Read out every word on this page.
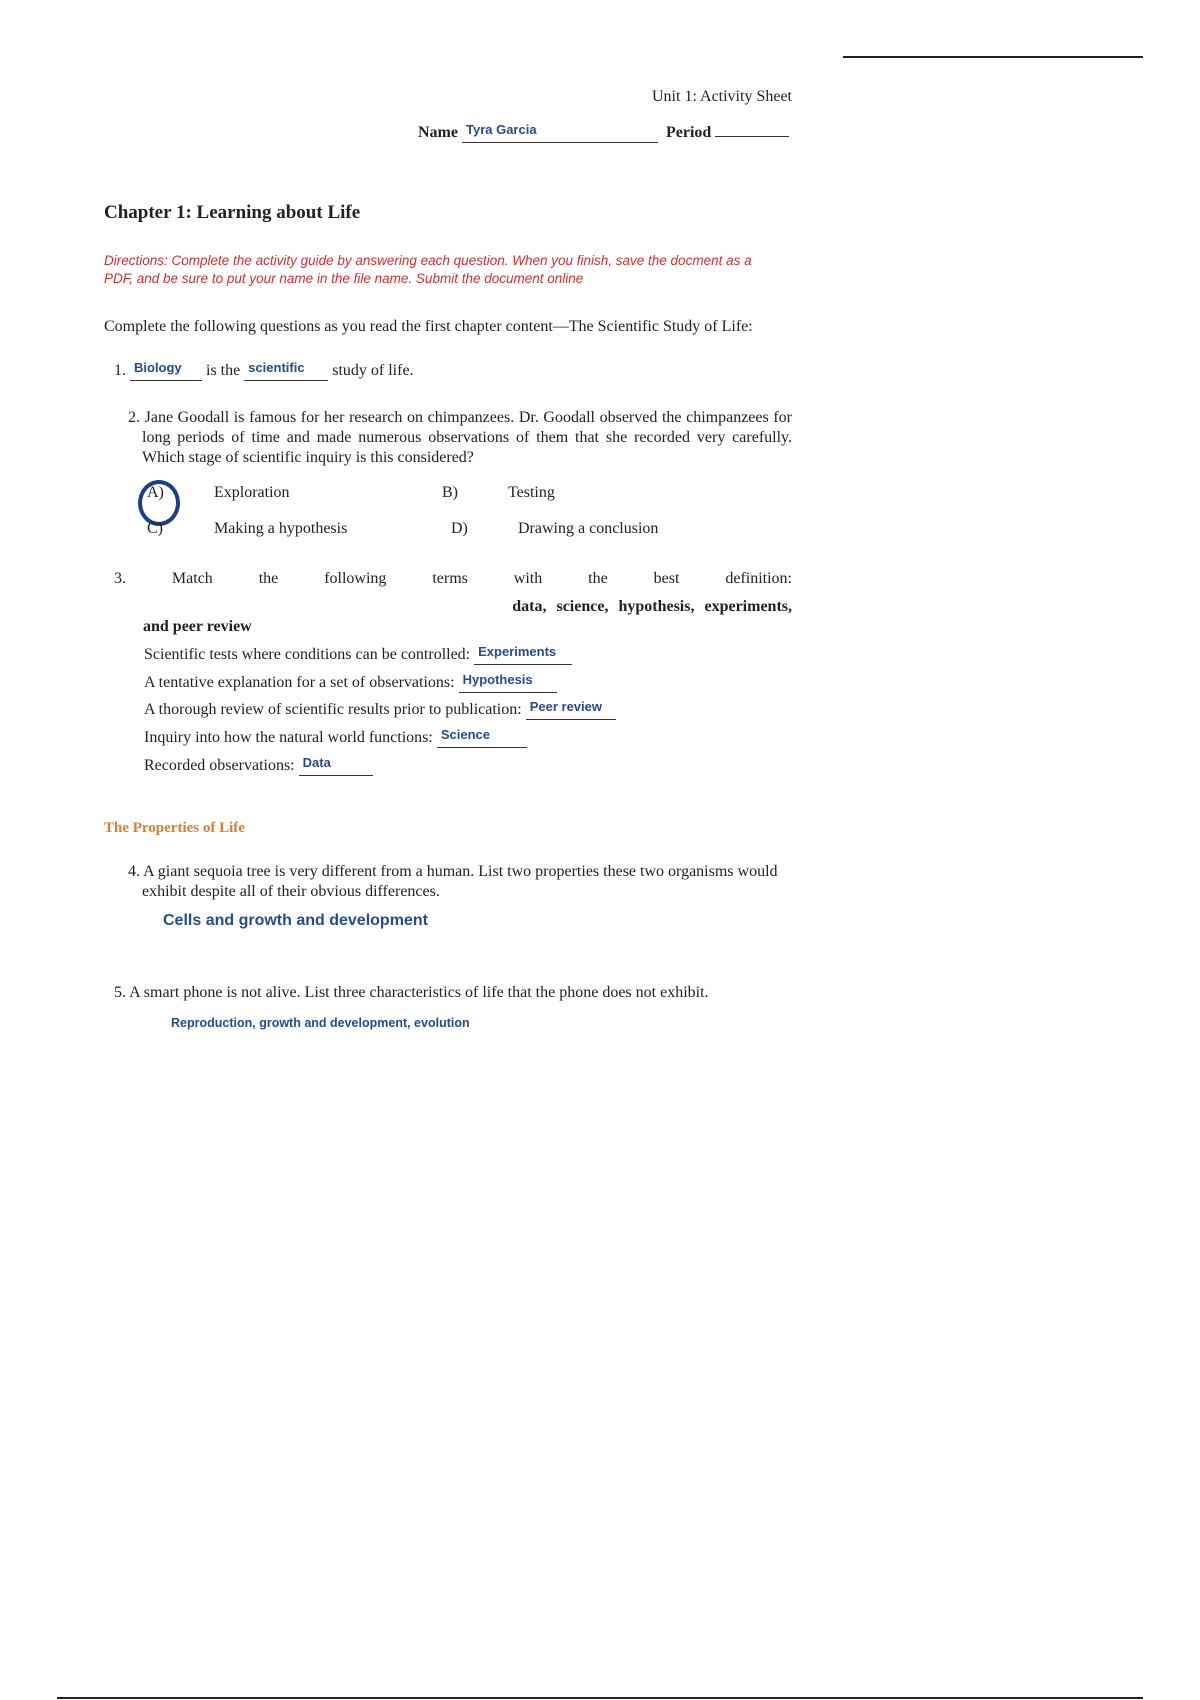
Unit 1: Activity Sheet
Name Tyra Garcia	Period
Chapter 1: Learning about Life
Directions: Complete the activity guide by answering each question. When you finish, save the docment as a PDF, and be sure to put your name in the file name. Submit the document online
Complete the following questions as you read the first chapter content—The Scientific Study of Life:
1. Biology is the scientific study of life.
2. Jane Goodall is famous for her research on chimpanzees. Dr. Goodall observed the chimpanzees for long periods of time and made numerous observations of them that she recorded very carefully. Which stage of scientific inquiry is this considered?
A)	Exploration	B)	Testing
C)	Making a hypothesis	D)	Drawing a conclusion
3.	Match	the	following	terms	with	the	best	definition:
data, science, hypothesis, experiments,
and peer review
Scientific tests where conditions can be controlled: Experiments
A tentative explanation for a set of observations: Hypothesis
A thorough review of scientific results prior to publication: Peer review
Inquiry into how the natural world functions: Science
Recorded observations: Data
The Properties of Life
4. A giant sequoia tree is very different from a human. List two properties these two organisms would exhibit despite all of their obvious differences.
Cells and growth and development
5. A smart phone is not alive. List three characteristics of life that the phone does not exhibit.
Reproduction, growth and development, evolution
